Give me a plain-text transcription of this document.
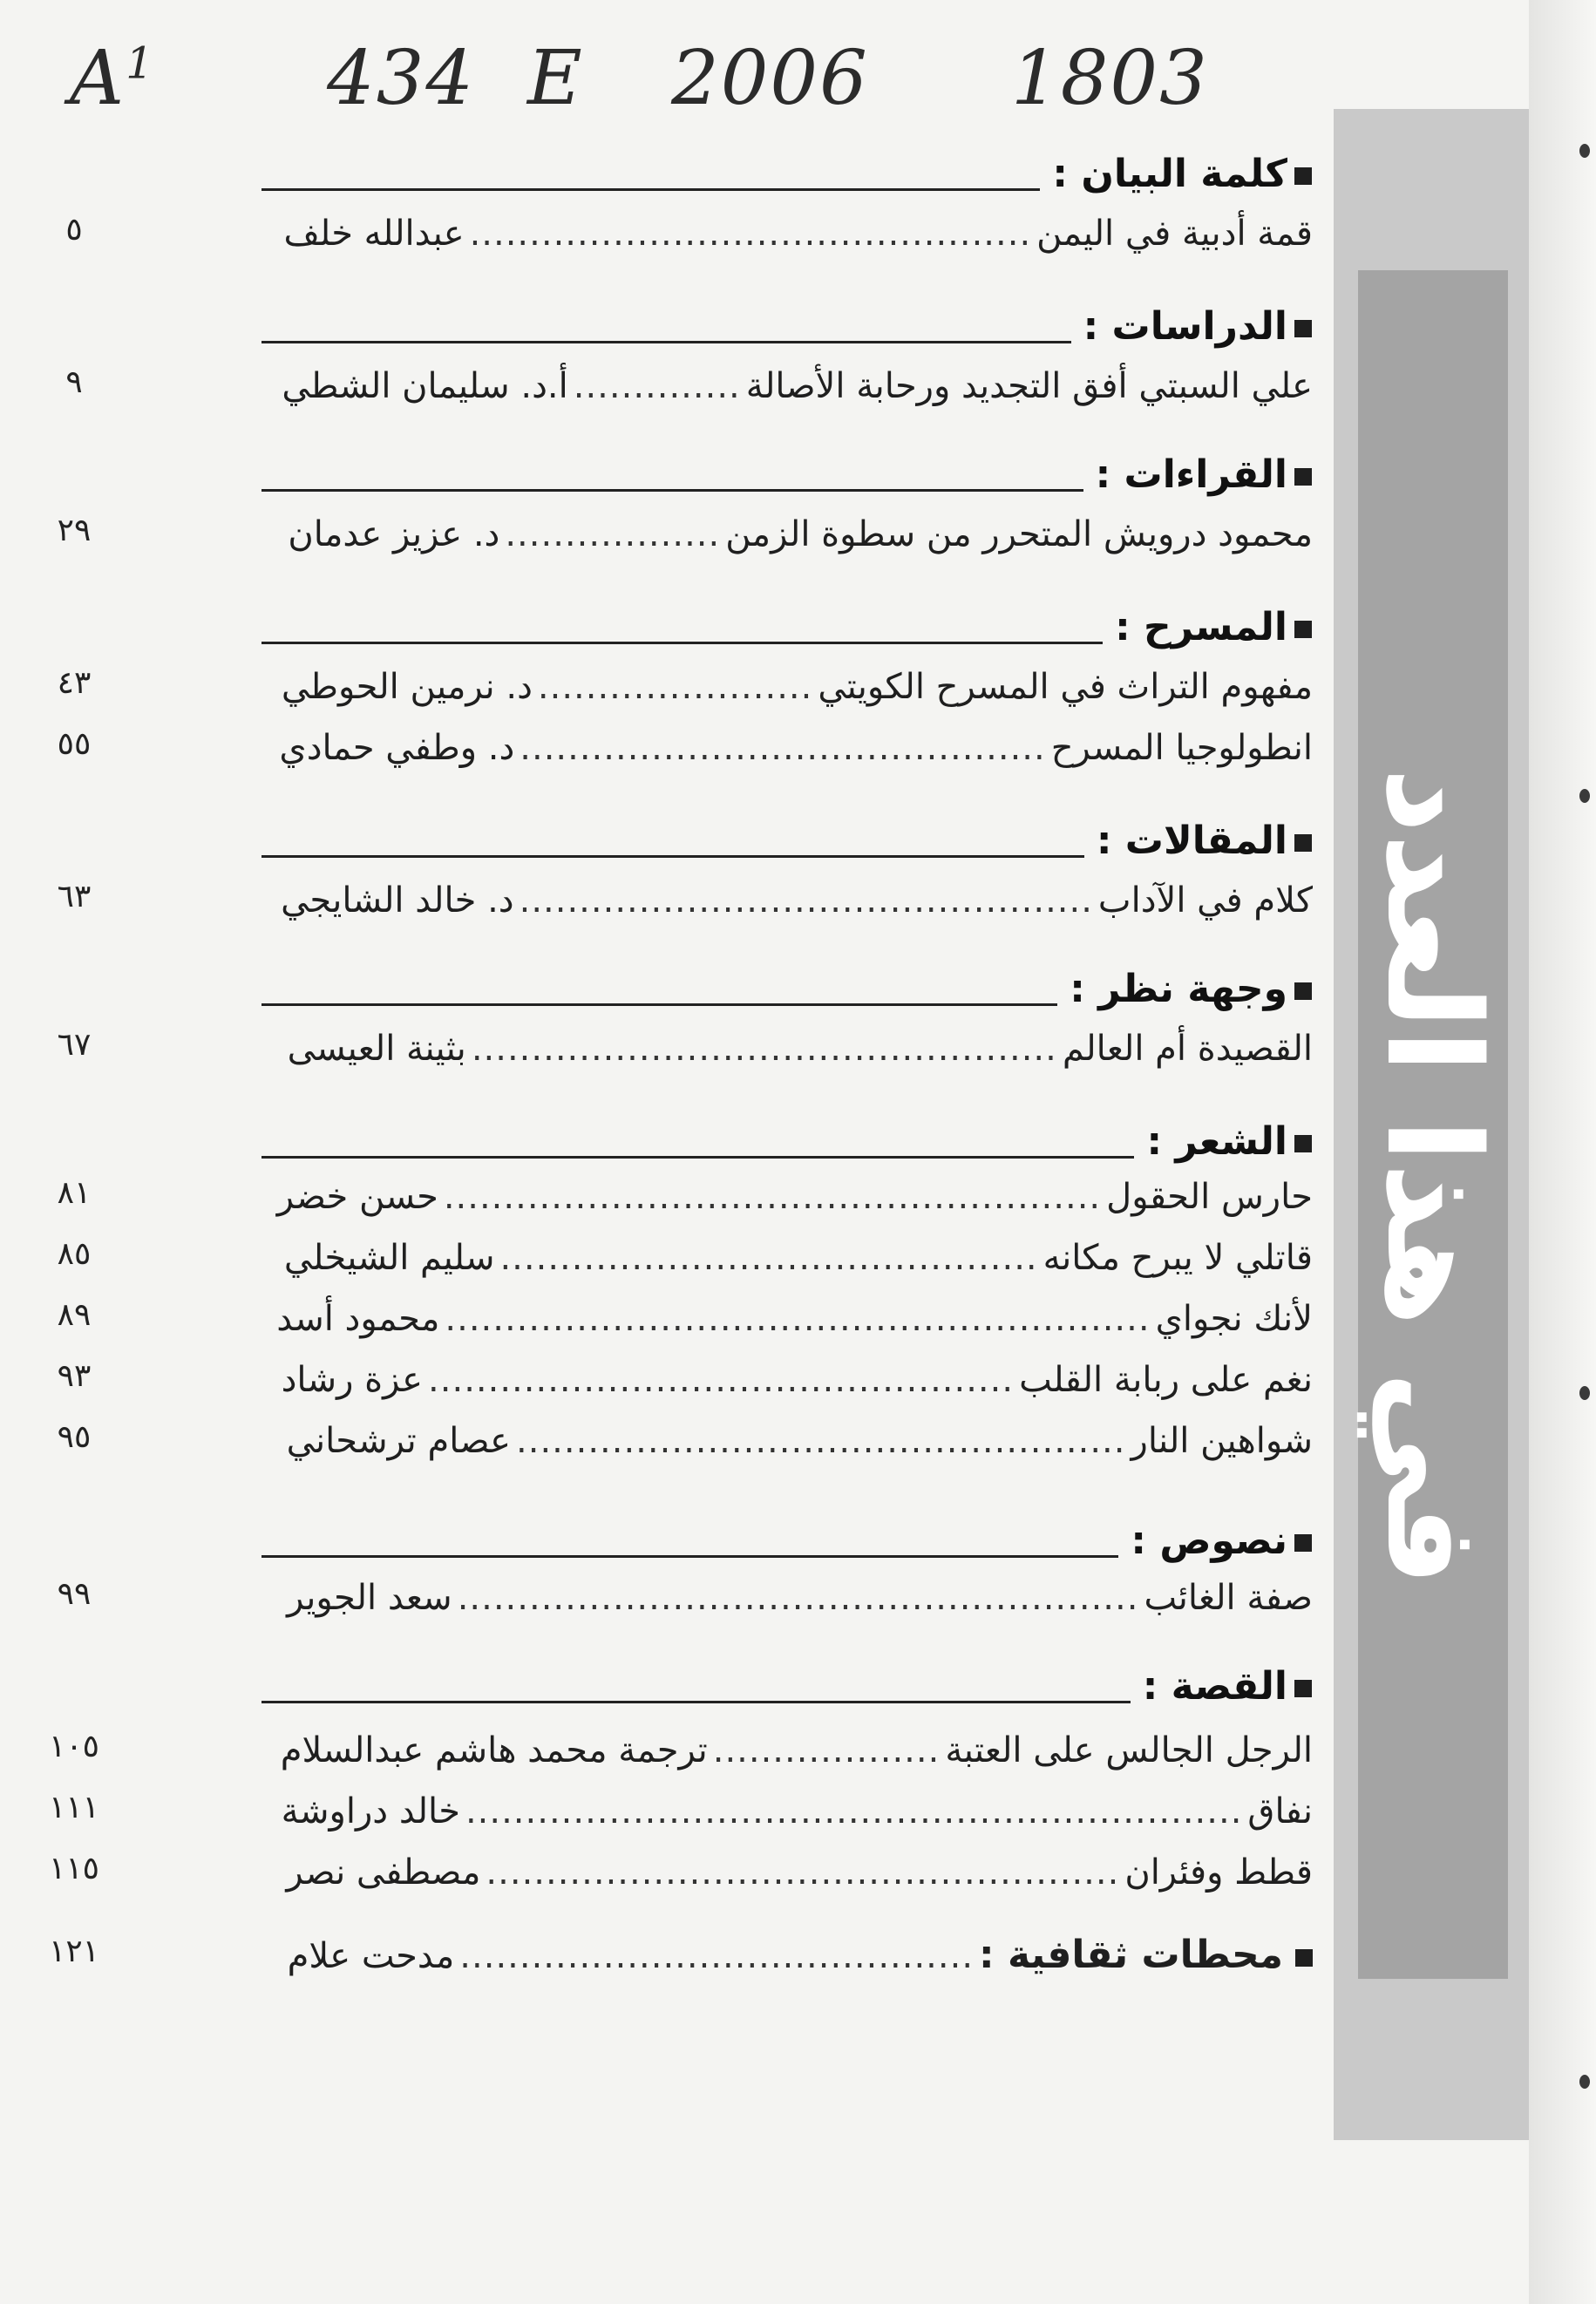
$A^1$ 434 E 2006 1803
في هذا العدد
كلمة البيان :
قمة أدبية في اليمن...............................................عبدالله خلف
٥
الدراسات :
علي السبتي أفق التجديد ورحابة الأصالة..............أ.د. سليمان الشطي
٩
القراءات :
محمود درويش المتحرر من سطوة الزمن..................د. عزيز عدمان
٢٩
المسرح :
مفهوم التراث في المسرح الكويتي.......................د. نرمين الحوطي
٤٣
انطولوجيا المسرح............................................د. وطفي حمادي
٥٥
المقالات :
كلام في الآداب................................................د. خالد الشايجي
٦٣
وجهة نظر :
القصيدة أم العالم.................................................بثينة العيسى
٦٧
الشعر :
حارس الحقول.......................................................حسن خضر
٨١
قاتلي لا يبرح مكانه.............................................سليم الشيخلي
٨٥
لأنك نجواي...........................................................محمود أسد
٨٩
نغم على ربابة القلب.................................................عزة رشاد
٩٣
شواهين النار...................................................عصام ترشحاني
٩٥
نصوص :
صفة الغائب.........................................................سعد الجوير
٩٩
القصة :
الرجل الجالس على العتبة...................ترجمة محمد هاشم عبدالسلام
١٠٥
نفاق.................................................................خالد دراوشة
١١١
قطط وفئران.....................................................مصطفى نصر
١١٥
محطات ثقافية :...........................................مدحت علام
١٢١
